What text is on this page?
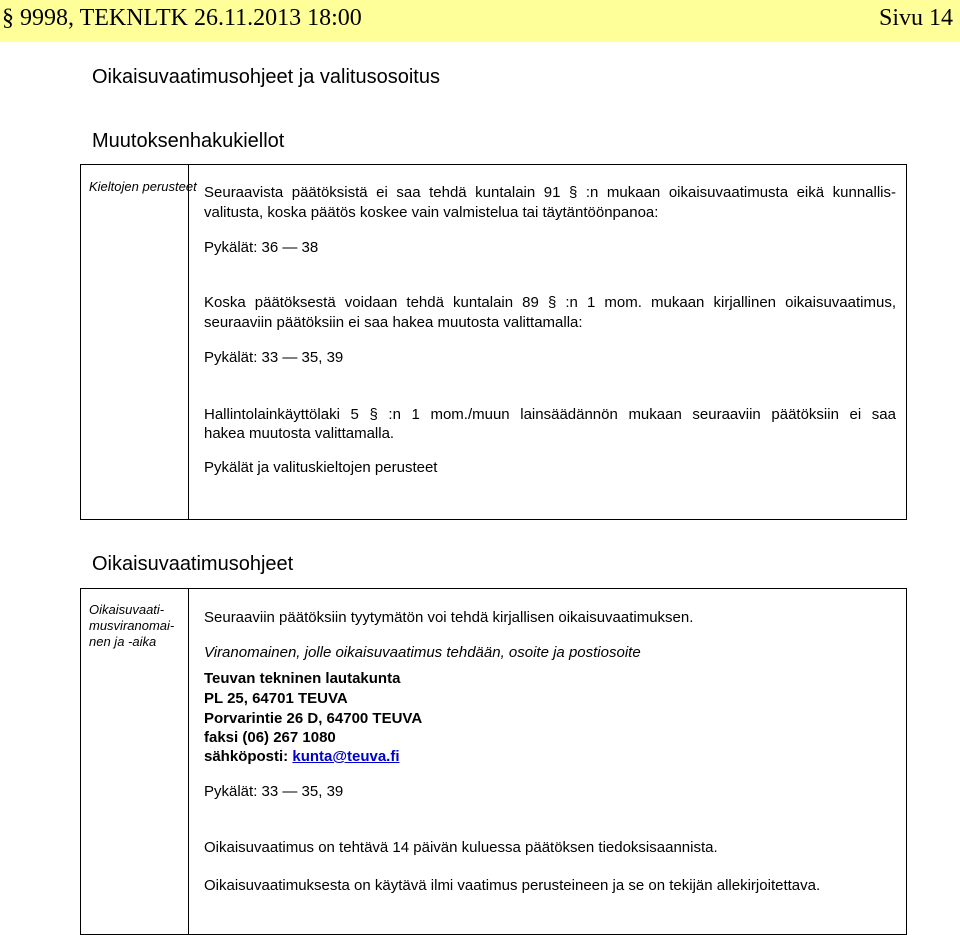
§ 9998, TEKNLTK 26.11.2013 18:00	Sivu 14
Oikaisuvaatimusohjeet ja valitusosoitus
Muutoksenhakukiellot
Kieltojen perusteet Seuraavista päätöksistä ei saa tehdä kuntalain 91 § :n mukaan oikaisuvaatimusta eikä kunnallis-
valitusta, koska päätös koskee vain valmistelua tai täytäntöönpanoa:
Pykälät: 36 — 38
Koska päätöksestä voidaan tehdä kuntalain 89 § :n 1 mom. mukaan kirjallinen oikaisuvaatimus,
seuraaviin päätöksiin ei saa hakea muutosta valittamalla:
Pykälät: 33 — 35, 39
Hallintolainkäyttölaki 5 § :n 1 mom./muun lainsäädännön mukaan seuraaviin päätöksiin ei saa
hakea muutosta valittamalla.
Pykälät ja valituskieltojen perusteet
Oikaisuvaatimusohjeet
Oikaisuvaati-
musviranomai-
nen ja -aika
Seuraaviin päätöksiin tyytymätön voi tehdä kirjallisen oikaisuvaatimuksen.
Viranomainen, jolle oikaisuvaatimus tehdään, osoite ja postiosoite
Teuvan tekninen lautakunta
PL 25, 64701 TEUVA
Porvarintie 26 D, 64700 TEUVA
faksi (06) 267 1080
sähköposti: kunta@teuva.fi
Pykälät: 33 — 35, 39
Oikaisuvaatimus on tehtävä 14 päivän kuluessa päätöksen tiedoksisaannista.
Oikaisuvaatimuksesta on käytävä ilmi vaatimus perusteineen ja se on tekijän allekirjoitettava.
